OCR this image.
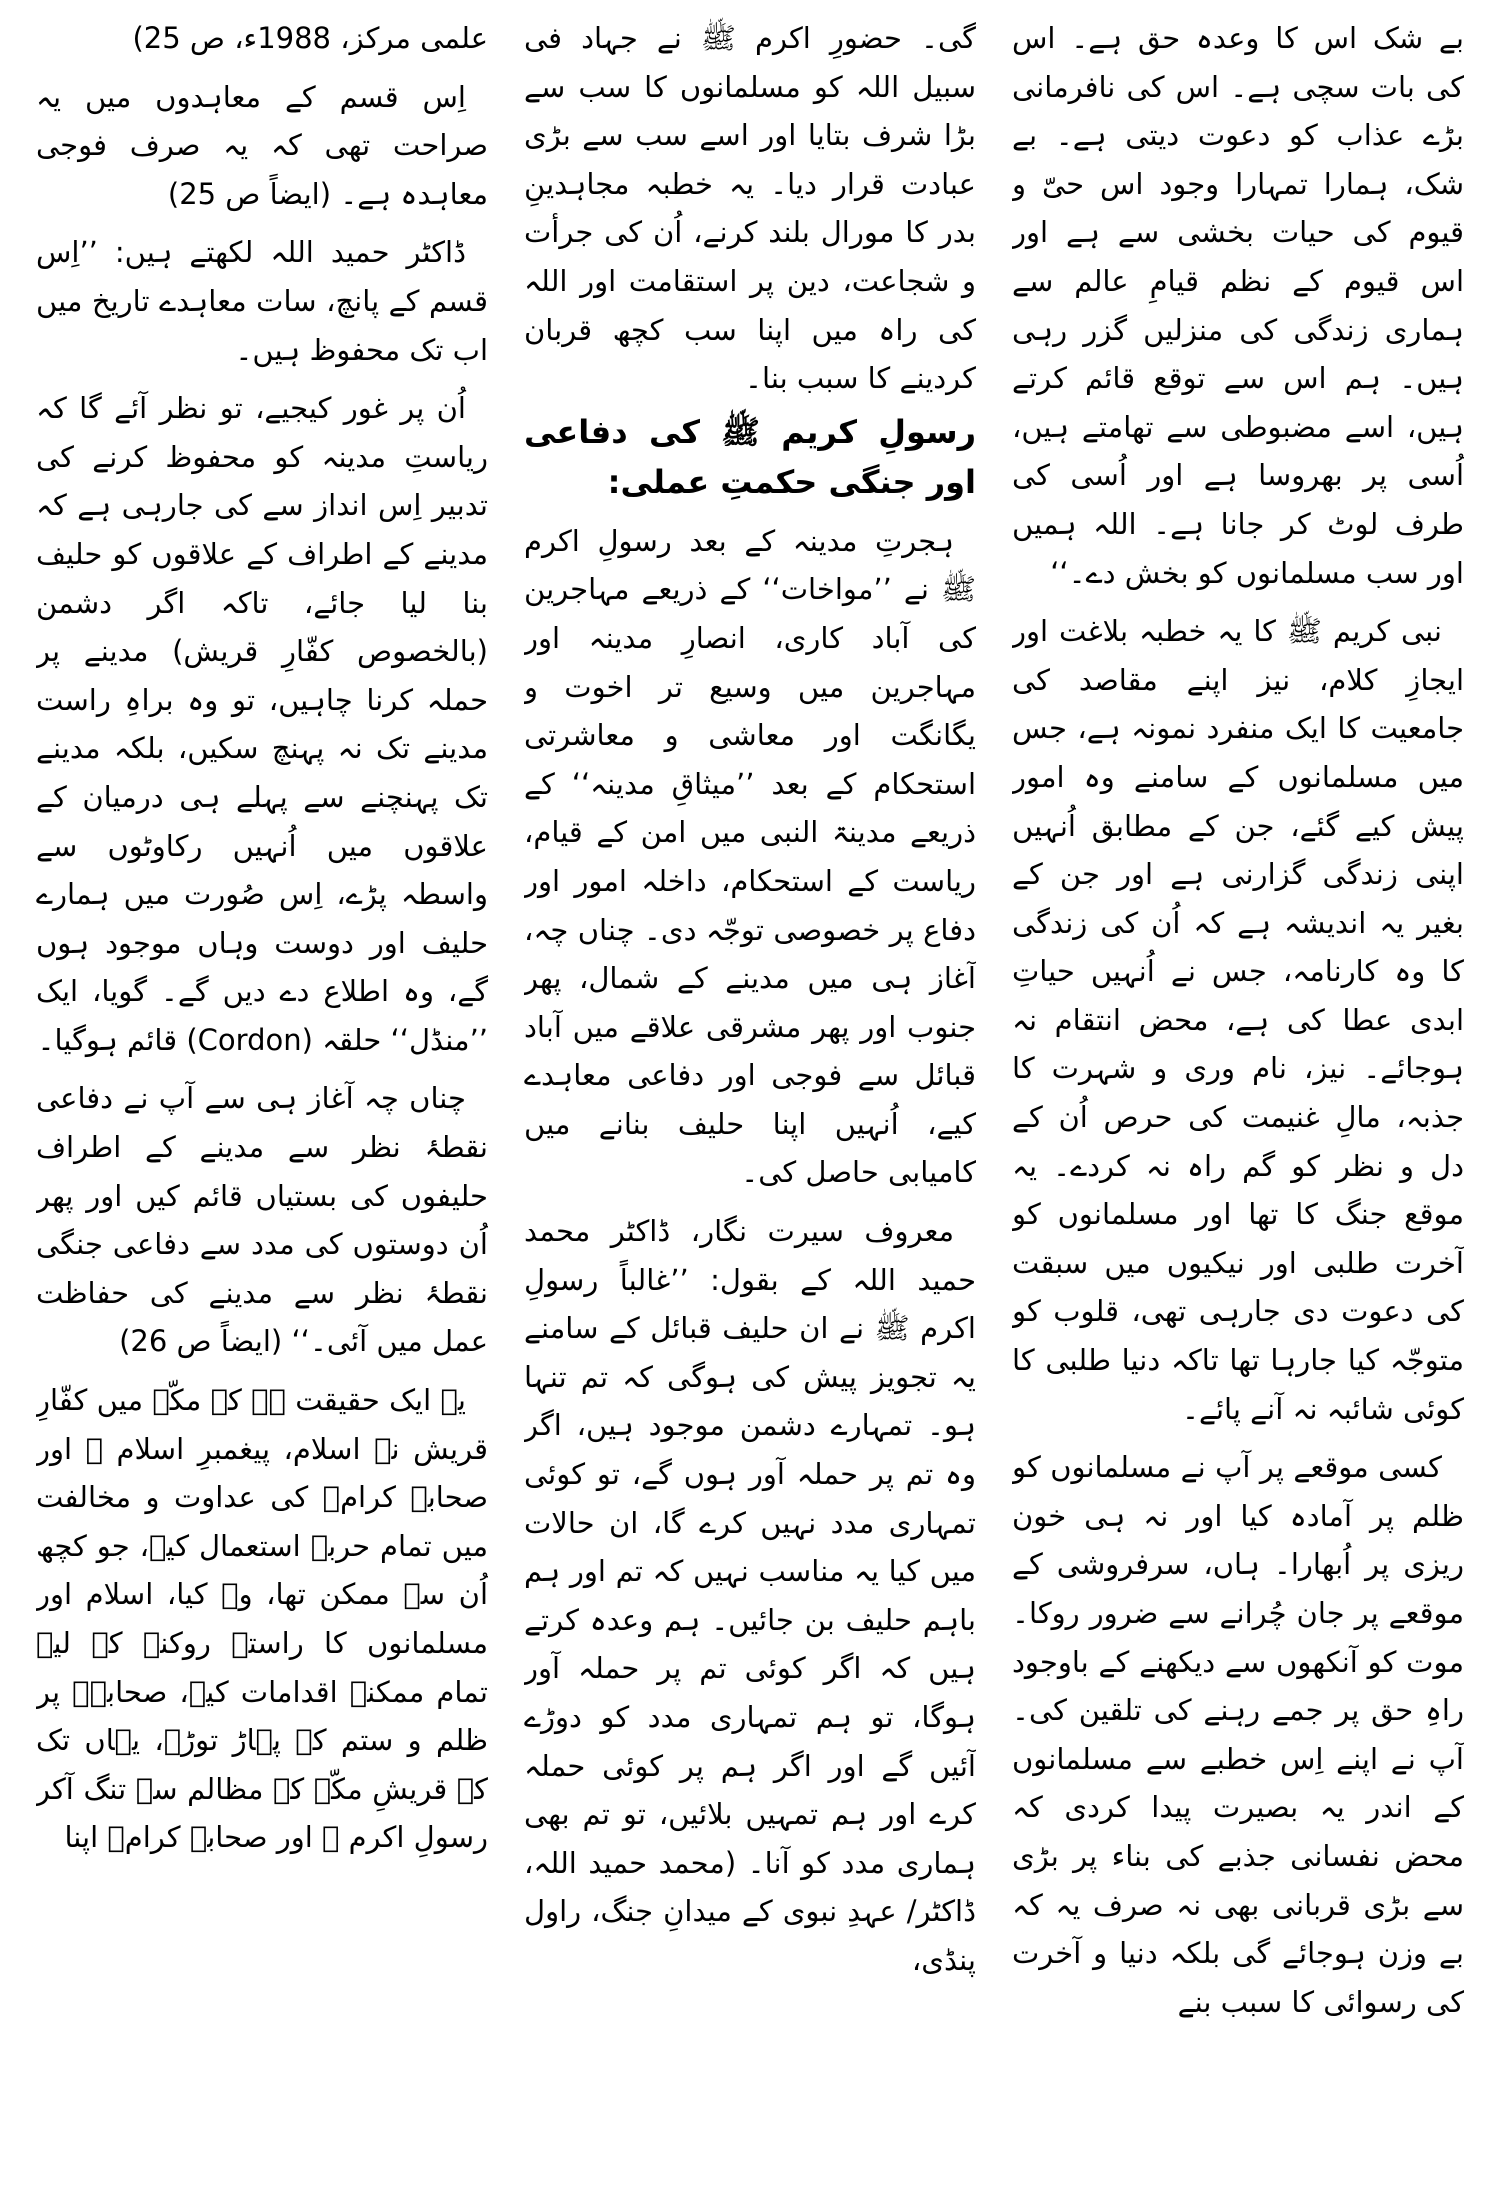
بے شک اس کا وعدہ حق ہے۔ اس کی بات سچی ہے۔ اس کی نافرمانی بڑے عذاب کو دعوت دیتی ہے۔ بے شک، ہمارا تمہارا وجود اس حیّ و قیوم کی حیات بخشی سے ہے اور اس قیوم کے نظم قیامِ عالم سے ہماری زندگی کی منزلیں گزر رہی ہیں۔ ہم اس سے توقع قائم کرتے ہیں، اسے مضبوطی سے تھامتے ہیں، اُسی پر بھروسا ہے اور اُسی کی طرف لوٹ کر جانا ہے۔ اللہ ہمیں اور سب مسلمانوں کو بخش دے۔‘‘

نبی کریم ﷺ کا یہ خطبہ بلاغت اور ایجازِ کلام، نیز اپنے مقاصد کی جامعیت کا ایک منفرد نمونہ ہے، جس میں مسلمانوں کے سامنے وہ امور پیش کیے گئے، جن کے مطابق اُنہیں اپنی زندگی گزارنی ہے اور جن کے بغیر یہ اندیشہ ہے کہ اُن کی زندگی کا وہ کارنامہ، جس نے اُنہیں حیاتِ ابدی عطا کی ہے، محض انتقام نہ ہوجائے۔ نیز، نام وری و شہرت کا جذبہ، مالِ غنیمت کی حرص اُن کے دل و نظر کو گم راہ نہ کردے۔ یہ موقع جنگ کا تھا اور مسلمانوں کو آخرت طلبی اور نیکیوں میں سبقت کی دعوت دی جارہی تھی، قلوب کو متوجّہ کیا جارہا تھا تاکہ دنیا طلبی کا کوئی شائبہ نہ آنے پائے۔

کسی موقعے پر آپ نے مسلمانوں کو ظلم پر آمادہ کیا اور نہ ہی خون ریزی پر اُبھارا۔ ہاں، سرفروشی کے موقعے پر جان چُرانے سے ضرور روکا۔ موت کو آنکھوں سے دیکھنے کے باوجود راہِ حق پر جمے رہنے کی تلقین کی۔ آپ نے اپنے اِس خطبے سے مسلمانوں کے اندر یہ بصیرت پیدا کردی کہ محض نفسانی جذبے کی بناء پر بڑی سے بڑی قربانی بھی نہ صرف یہ کہ بے وزن ہوجائے گی بلکہ دنیا و آخرت کی رسوائی کا سبب بنے

گی۔ حضورِ اکرم ﷺ نے جہاد فی سبیل اللہ کو مسلمانوں کا سب سے بڑا شرف بتایا اور اسے سب سے بڑی عبادت قرار دیا۔ یہ خطبہ مجاہدینِ بدر کا مورال بلند کرنے، اُن کی جرأت و شجاعت، دین پر استقامت اور اللہ کی راہ میں اپنا سب کچھ قربان کردینے کا سبب بنا۔

رسولِ کریم ﷺ کی دفاعی اور جنگی حکمتِ عملی:

ہجرتِ مدینہ کے بعد رسولِ اکرم ﷺ نے ’’مواخات‘‘ کے ذریعے مہاجرین کی آباد کاری، انصارِ مدینہ اور مہاجرین میں وسیع تر اخوت و یگانگت اور معاشی و معاشرتی استحکام کے بعد ’’میثاقِ مدینہ‘‘ کے ذریعے مدینۃ النبی میں امن کے قیام، ریاست کے استحکام، داخلہ امور اور دفاع پر خصوصی توجّہ دی۔ چناں چہ، آغاز ہی میں مدینے کے شمال، پھر جنوب اور پھر مشرقی علاقے میں آباد قبائل سے فوجی اور دفاعی معاہدے کیے، اُنہیں اپنا حلیف بنانے میں کامیابی حاصل کی۔

معروف سیرت نگار، ڈاکٹر محمد حمید اللہ کے بقول: ’’غالباً رسولِ اکرم ﷺ نے ان حلیف قبائل کے سامنے یہ تجویز پیش کی ہوگی کہ تم تنہا ہو۔ تمہارے دشمن موجود ہیں، اگر وہ تم پر حملہ آور ہوں گے، تو کوئی تمہاری مدد نہیں کرے گا، ان حالات میں کیا یہ مناسب نہیں کہ تم اور ہم باہم حلیف بن جائیں۔ ہم وعدہ کرتے ہیں کہ اگر کوئی تم پر حملہ آور ہوگا، تو ہم تمہاری مدد کو دوڑے آئیں گے اور اگر ہم پر کوئی حملہ کرے اور ہم تمہیں بلائیں، تو تم بھی ہماری مدد کو آنا۔ (محمد حمید اللہ، ڈاکٹر/ عہدِ نبوی کے میدانِ جنگ، راول پنڈی،

علمی مرکز، 1988ء، ص 25)

اِس قسم کے معاہدوں میں یہ صراحت تھی کہ یہ صرف فوجی معاہدہ ہے۔ (ایضاً ص 25)

ڈاکٹر حمید اللہ لکھتے ہیں: ’’اِس قسم کے پانچ، سات معاہدے تاریخ میں اب تک محفوظ ہیں۔

اُن پر غور کیجیے، تو نظر آئے گا کہ ریاستِ مدینہ کو محفوظ کرنے کی تدبیر اِس انداز سے کی جارہی ہے کہ مدینے کے اطراف کے علاقوں کو حلیف بنا لیا جائے، تاکہ اگر دشمن (بالخصوص کفّارِ قریش) مدینے پر حملہ کرنا چاہیں، تو وہ براہِ راست مدینے تک نہ پہنچ سکیں، بلکہ مدینے تک پہنچنے سے پہلے ہی درمیان کے علاقوں میں اُنہیں رکاوٹوں سے واسطہ پڑے، اِس صُورت میں ہمارے حلیف اور دوست وہاں موجود ہوں گے، وہ اطلاع دے دیں گے۔ گویا، ایک ’’منڈل‘‘ حلقہ (Cordon) قائم ہوگیا۔

چناں چہ آغاز ہی سے آپ نے دفاعی نقطۂ نظر سے مدینے کے اطراف حلیفوں کی بستیاں قائم کیں اور پھر اُن دوستوں کی مدد سے دفاعی جنگی نقطۂ نظر سے مدینے کی حفاظت عمل میں آئی۔‘‘ (ایضاً ص 26)

یہ ایک حقیقت ہے کہ مکّے میں کفّارِ قریش نے اسلام، پیغمبرِ اسلام ﷺ اور صحابہ کرامؓ کی عداوت و مخالفت میں تمام حربے استعمال کیے، جو کچھ اُن سے ممکن تھا، وہ کیا، اسلام اور مسلمانوں کا راستہ روکنے کے لیے تمام ممکنہ اقدامات کیے، صحابہؓ پر ظلم و ستم کے پہاڑ توڑے، یہاں تک کہ قریشِ مکّہ کے مظالم سے تنگ آکر رسولِ اکرم ﷺ اور صحابہ کرامؓ اپنا
